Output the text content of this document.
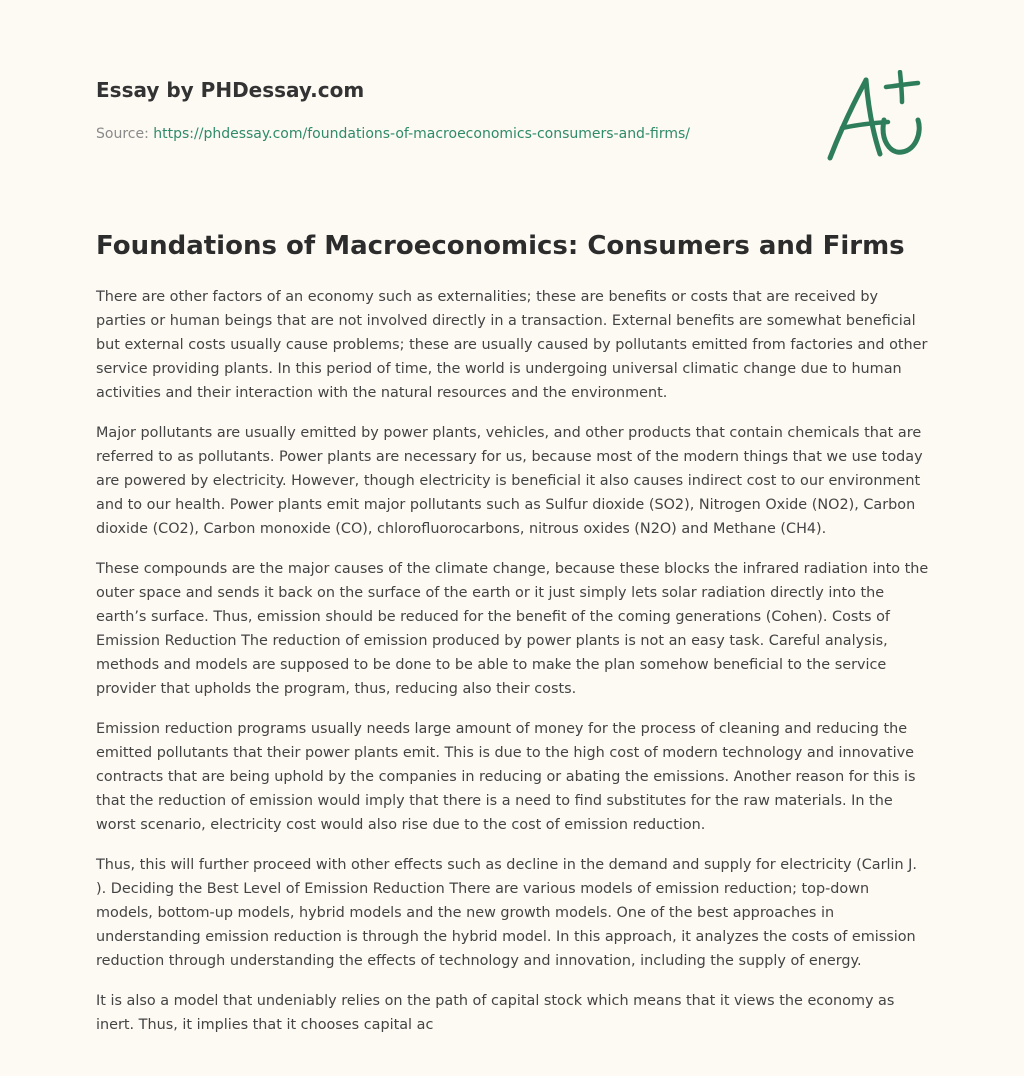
Essay by PHDessay.com
Source: https://phdessay.com/foundations-of-macroeconomics-consumers-and-firms/
Foundations of Macroeconomics: Consumers and Firms

There are other factors of an economy such as externalities; these are benefits or costs that are received by parties or human beings that are not involved directly in a transaction. External benefits are somewhat beneficial but external costs usually cause problems; these are usually caused by pollutants emitted from factories and other service providing plants. In this period of time, the world is undergoing universal climatic change due to human activities and their interaction with the natural resources and the environment.

Major pollutants are usually emitted by power plants, vehicles, and other products that contain chemicals that are referred to as pollutants. Power plants are necessary for us, because most of the modern things that we use today are powered by electricity. However, though electricity is beneficial it also causes indirect cost to our environment and to our health. Power plants emit major pollutants such as Sulfur dioxide (SO2), Nitrogen Oxide (NO2), Carbon dioxide (CO2), Carbon monoxide (CO), chlorofluorocarbons, nitrous oxides (N2O) and Methane (CH4).

These compounds are the major causes of the climate change, because these blocks the infrared radiation into the outer space and sends it back on the surface of the earth or it just simply lets solar radiation directly into the earth’s surface. Thus, emission should be reduced for the benefit of the coming generations (Cohen). Costs of Emission Reduction The reduction of emission produced by power plants is not an easy task. Careful analysis, methods and models are supposed to be done to be able to make the plan somehow beneficial to the service provider that upholds the program, thus, reducing also their costs.

Emission reduction programs usually needs large amount of money for the process of cleaning and reducing the emitted pollutants that their power plants emit. This is due to the high cost of modern technology and innovative contracts that are being uphold by the companies in reducing or abating the emissions. Another reason for this is that the reduction of emission would imply that there is a need to find substitutes for the raw materials. In the worst scenario, electricity cost would also rise due to the cost of emission reduction.

Thus, this will further proceed with other effects such as decline in the demand and supply for electricity (Carlin J. ). Deciding the Best Level of Emission Reduction There are various models of emission reduction; top-down models, bottom-up models, hybrid models and the new growth models. One of the best approaches in understanding emission reduction is through the hybrid model. In this approach, it analyzes the costs of emission reduction through understanding the effects of technology and innovation, including the supply of energy.

It is also a model that undeniably relies on the path of capital stock which means that it views the economy as inert. Thus, it implies that it chooses capital ac
